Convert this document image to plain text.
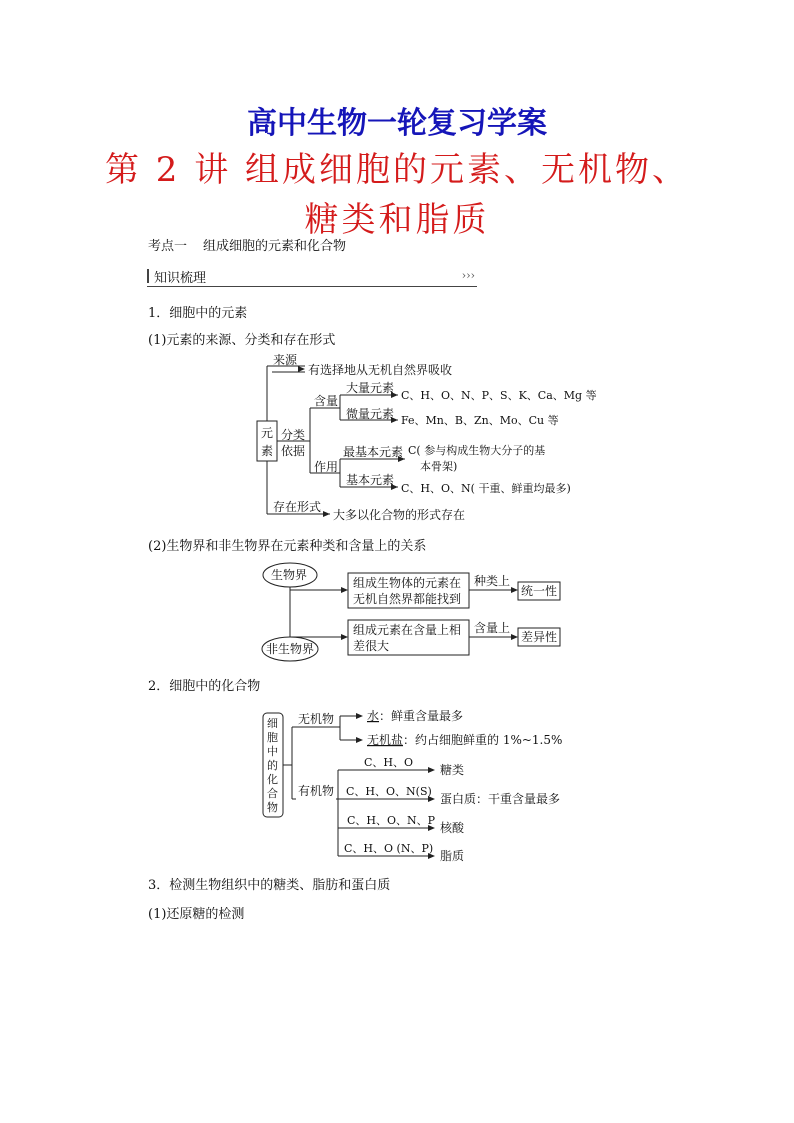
高中生物一轮复习学案
第 2 讲 组成细胞的元素、无机物、
糖类和脂质
考点一 组成细胞的元素和化合物
知识梳理	›››
1．细胞中的元素
(1)元素的来源、分类和存在形式
元
素
来源
有选择地从无机自然界吸收
分类
依据
含量
大量元素
C、H、O、N、P、S、K、Ca、Mg 等
微量元素 Fe、Mn、B、Zn、Mo、Cu 等
作用
最基本元素 C( 参与构成生物大分子的基
本骨架)
基本元素
C、H、O、N( 干重、鲜重均最多)
存在形式
大多以化合物的形式存在
(2)生物界和非生物界在元素种类和含量上的关系
生物界
非生物界
组成生物体的元素在
无机自然界都能找到
种类上
统一性
组成元素在含量上相
差很大
含量上
差异性
2．细胞中的化合物
细
胞
中
的
化
合
物
无机物	水 ：鲜重含量最多
无机盐 ：约占细胞鲜重的 1%~1.5%
有机物
C、H、O
糖类
C、H、O、N(S)
蛋白质：干重含量最多
C、H、O、N、P
核酸
C、H、O (N、P)
脂质
3．检测生物组织中的糖类、脂肪和蛋白质
(1)还原糖的检测
